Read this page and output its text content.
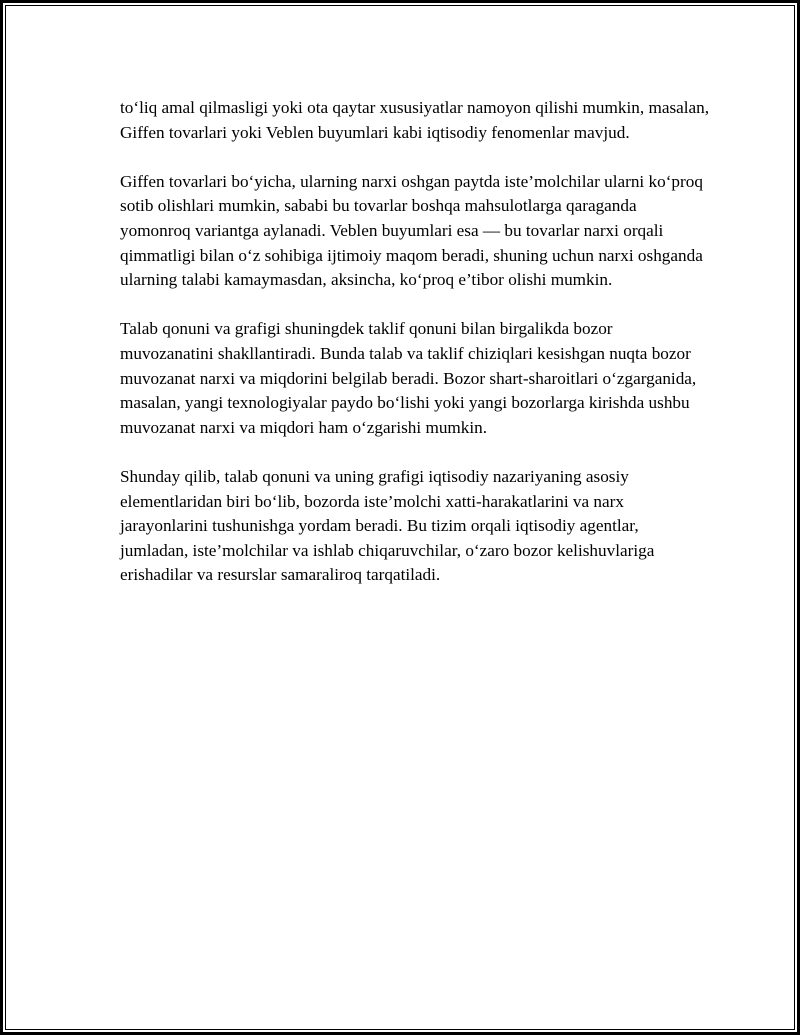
to‘liq amal qilmasligi yoki ota qaytar xususiyatlar namoyon qilishi mumkin, masalan, Giffen tovarlari yoki Veblen buyumlari kabi iqtisodiy fenomenlar mavjud.

Giffen tovarlari bo‘yicha, ularning narxi oshgan paytda iste’molchilar ularni ko‘proq sotib olishlari mumkin, sababi bu tovarlar boshqa mahsulotlarga qaraganda yomonroq variantga aylanadi. Veblen buyumlari esa — bu tovarlar narxi orqali qimmatligi bilan o‘z sohibiga ijtimoiy maqom beradi, shuning uchun narxi oshganda ularning talabi kamaymasdan, aksincha, ko‘proq e’tibor olishi mumkin.

Talab qonuni va grafigi shuningdek taklif qonuni bilan birgalikda bozor muvozanatini shakllantiradi. Bunda talab va taklif chiziqlari kesishgan nuqta bozor muvozanat narxi va miqdorini belgilab beradi. Bozor shart-sharoitlari o‘zgarganida, masalan, yangi texnologiyalar paydo bo‘lishi yoki yangi bozorlarga kirishda ushbu muvozanat narxi va miqdori ham o‘zgarishi mumkin.

Shunday qilib, talab qonuni va uning grafigi iqtisodiy nazariyaning asosiy elementlaridan biri bo‘lib, bozorda iste’molchi xatti-harakatlarini va narx jarayonlarini tushunishga yordam beradi. Bu tizim orqali iqtisodiy agentlar, jumladan, iste’molchilar va ishlab chiqaruvchilar, o‘zaro bozor kelishuvlariga erishadilar va resurslar samaraliroq tarqatiladi.
